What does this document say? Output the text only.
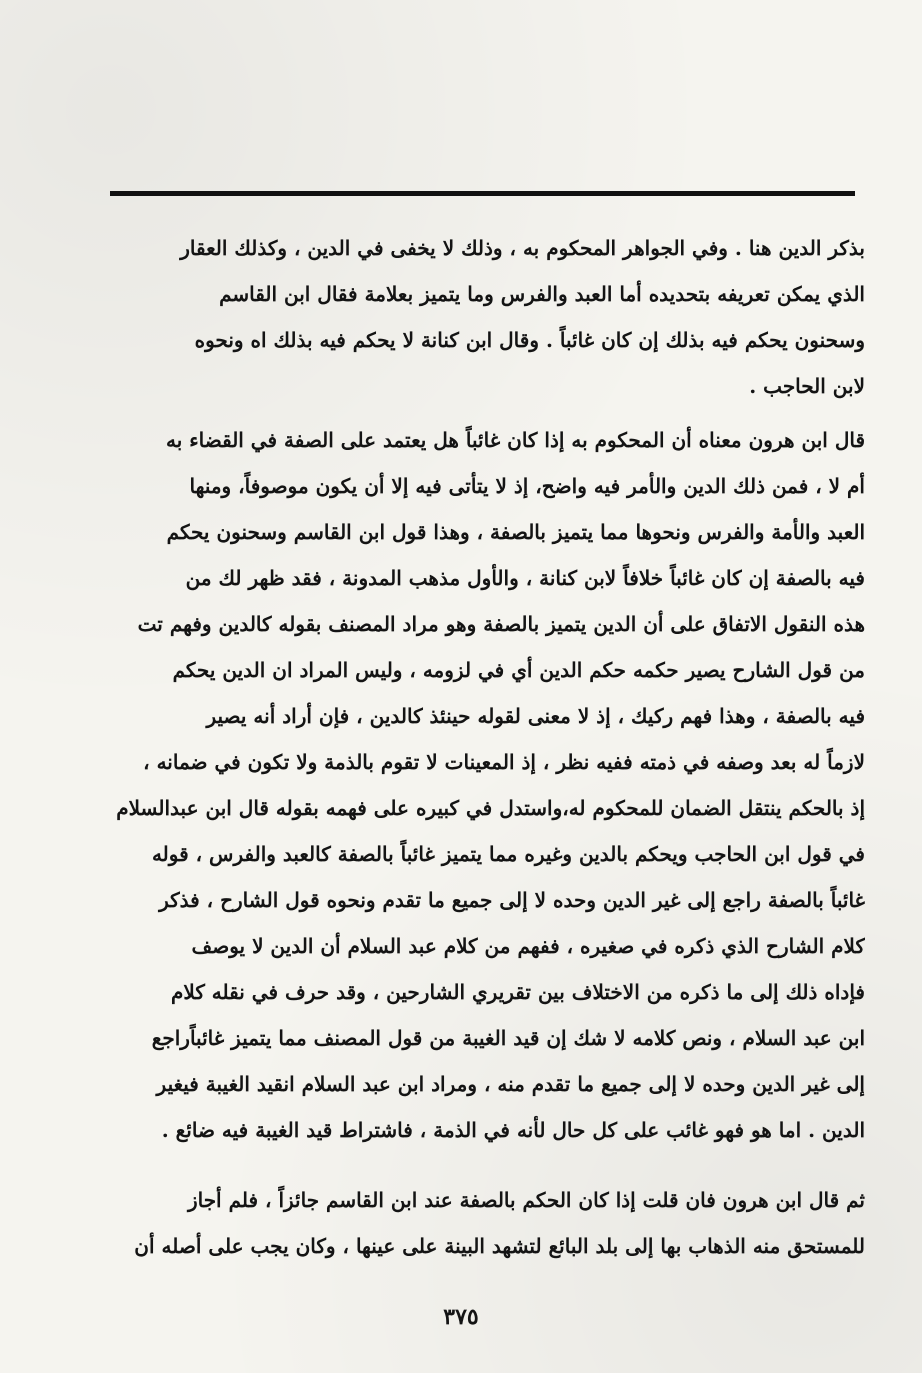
بذكر الدين هنا . وفي الجواهر المحكوم به ، وذلك لا يخفى في الدين ، وكذلك العقار
الذي يمكن تعريفه بتحديده أما العبد والفرس وما يتميز بعلامة فقال ابن القاسم
وسحنون يحكم فيه بذلك إن كان غائباً . وقال ابن كنانة لا يحكم فيه بذلك اه ونحوه
لابن الحاجب .
قال ابن هرون معناه أن المحكوم به إذا كان غائباً هل يعتمد على الصفة في القضاء به
أم لا ، فمن ذلك الدين والأمر فيه واضح، إذ لا يتأتى فيه إلا أن يكون موصوفاً، ومنها
العبد والأمة والفرس ونحوها مما يتميز بالصفة ، وهذا قول ابن القاسم وسحنون يحكم
فيه بالصفة إن كان غائباً خلافاً لابن كنانة ، والأول مذهب المدونة ، فقد ظهر لك من
هذه النقول الاتفاق على أن الدين يتميز بالصفة وهو مراد المصنف بقوله كالدين وفهم تت
من قول الشارح يصير حكمه حكم الدين أي في لزومه ، وليس المراد ان الدين يحكم
فيه بالصفة ، وهذا فهم ركيك ، إذ لا معنى لقوله حينئذ كالدين ، فإن أراد أنه يصير
لازماً له بعد وصفه في ذمته ففيه نظر ، إذ المعينات لا تقوم بالذمة ولا تكون في ضمانه ،
إذ بالحكم ينتقل الضمان للمحكوم له،واستدل في كبيره على فهمه بقوله قال ابن عبدالسلام
في قول ابن الحاجب ويحكم بالدين وغيره مما يتميز غائباً بالصفة كالعبد والفرس ، قوله
غائباً بالصفة راجع إلى غير الدين وحده لا إلى جميع ما تقدم ونحوه قول الشارح ، فذكر
كلام الشارح الذي ذكره في صغيره ، ففهم من كلام عبد السلام أن الدين لا يوصف
فإداه ذلك إلى ما ذكره من الاختلاف بين تقريري الشارحين ، وقد حرف في نقله كلام
ابن عبد السلام ، ونص كلامه لا شك إن قيد الغيبة من قول المصنف مما يتميز غائباًراجع
إلى غير الدين وحده لا إلى جميع ما تقدم منه ، ومراد ابن عبد السلام انقيد الغيبة فيغير
الدين . اما هو فهو غائب على كل حال لأنه في الذمة ، فاشتراط قيد الغيبة فيه ضائع .
ثم قال ابن هرون فان قلت إذا كان الحكم بالصفة عند ابن القاسم جائزاً ، فلم أجاز
للمستحق منه الذهاب بها إلى بلد البائع لتشهد البينة على عينها ، وكان يجب على أصله أن
٣٧٥
